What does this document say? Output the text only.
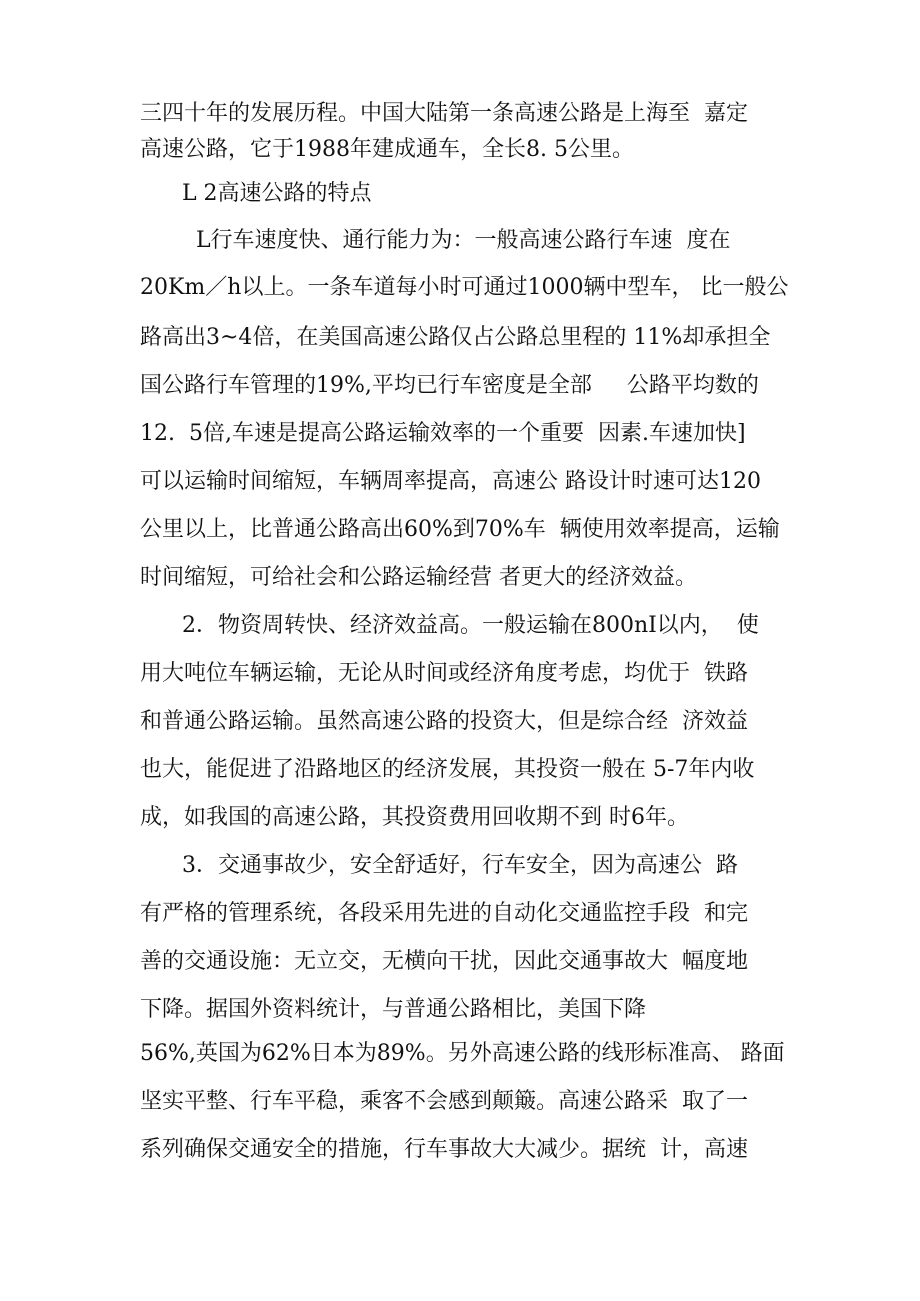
三四十年的发展历程。中国大陆第一条高速公路是上海至  嘉定
高速公路，它于1988年建成通车，全长8. 5公里。
L 2高速公路的特点
L行车速度快、通行能力为：一般高速公路行车速  度在
20Km／h以上。一条车道每小时可通过1000辆中型车， 比一般公
路高出3~4倍，在美国高速公路仅占公路总里程的 11%却承担全
国公路行车管理的19%,平均已行车密度是全部     公路平均数的
12.  5倍,车速是提高公路运输效率的一个重要  因素.车速加快]
可以运输时间缩短，车辆周率提高，高速公 路设计时速可达120
公里以上，比普通公路高出60%到70%车  辆使用效率提高，运输
时间缩短，可给社会和公路运输经营 者更大的经济效益。
2．物资周转快、经济效益高。一般运输在800nI以内，  使
用大吨位车辆运输，无论从时间或经济角度考虑，均优于  铁路
和普通公路运输。虽然高速公路的投资大，但是综合经  济效益
也大，能促进了沿路地区的经济发展，其投资一般在 5-7年内收
成，如我国的高速公路，其投资费用回收期不到 时6年。
3．交通事故少，安全舒适好，行车安全，因为高速公  路
有严格的管理系统，各段采用先进的自动化交通监控手段  和完
善的交通设施：无立交，无横向干扰，因此交通事故大  幅度地
下降。据国外资料统计，与普通公路相比，美国下降
56%,英国为62%日本为89%。另外高速公路的线形标准高、 路面
坚实平整、行车平稳，乘客不会感到颠簸。高速公路采  取了一
系列确保交通安全的措施，行车事故大大减少。据统  计，高速
